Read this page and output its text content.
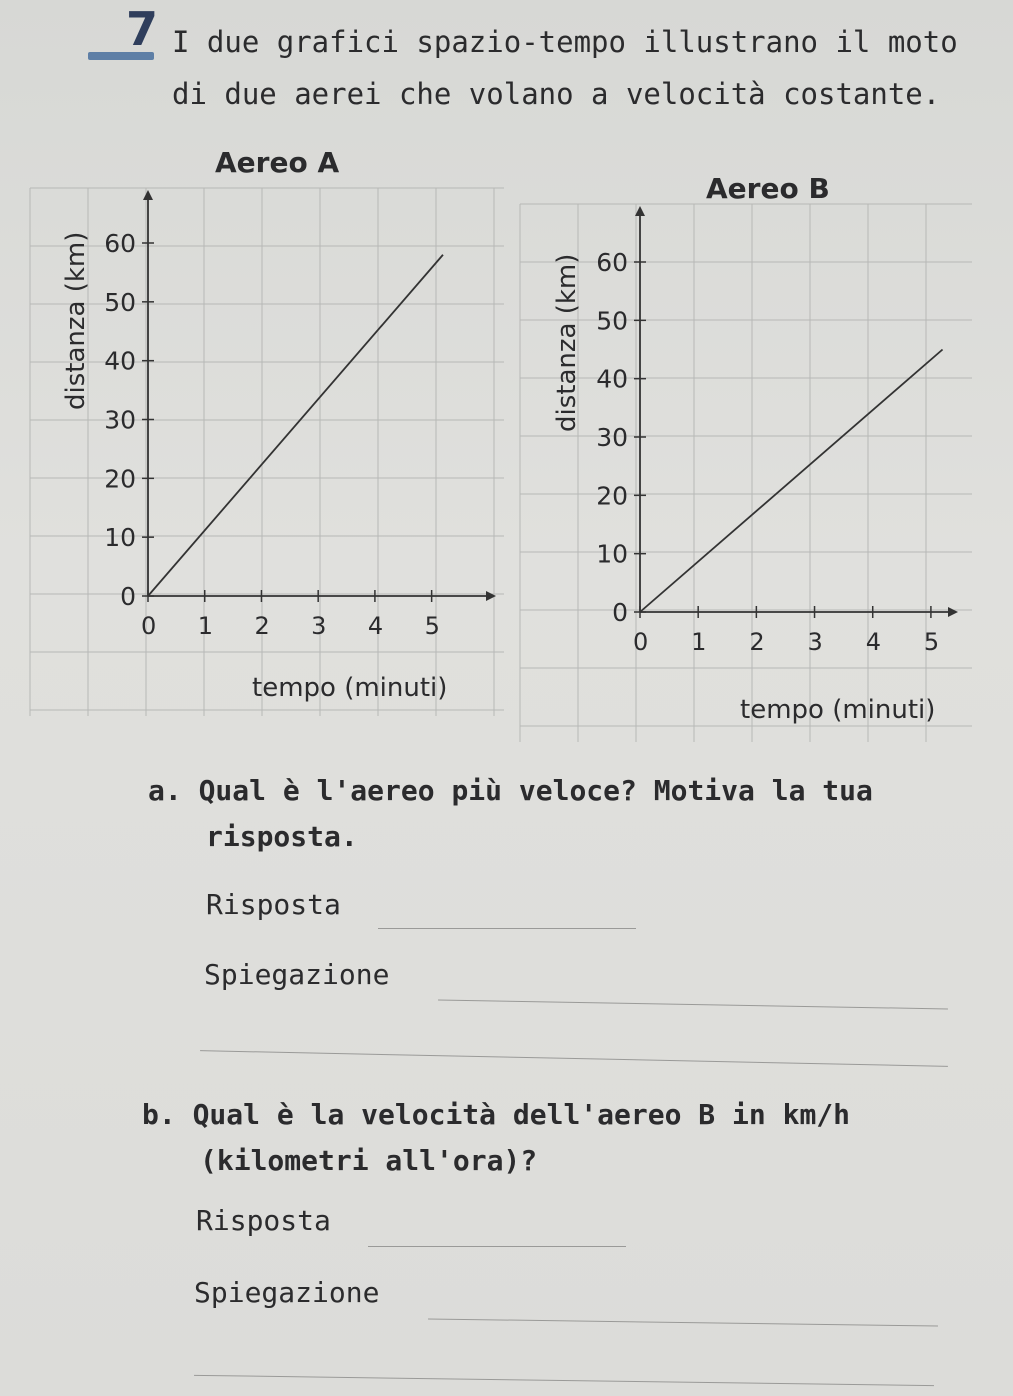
7 I due grafici spazio-tempo illustrano il moto
di due aerei che volano a velocità costante.
0 1 2 3 4 5
0
10
20
30
40
50
60
Aereo A
tempo (minuti)
distanza (km)
0 1 2 3 4 5
0
10
20
30
40
50
60
Aereo B
tempo (minuti)
distanza (km)
a. Qual è l'aereo più veloce? Motiva la tua
risposta.
Risposta
Spiegazione
b. Qual è la velocità dell'aereo B in km/h
(kilometri all'ora)?
Risposta
Spiegazione
